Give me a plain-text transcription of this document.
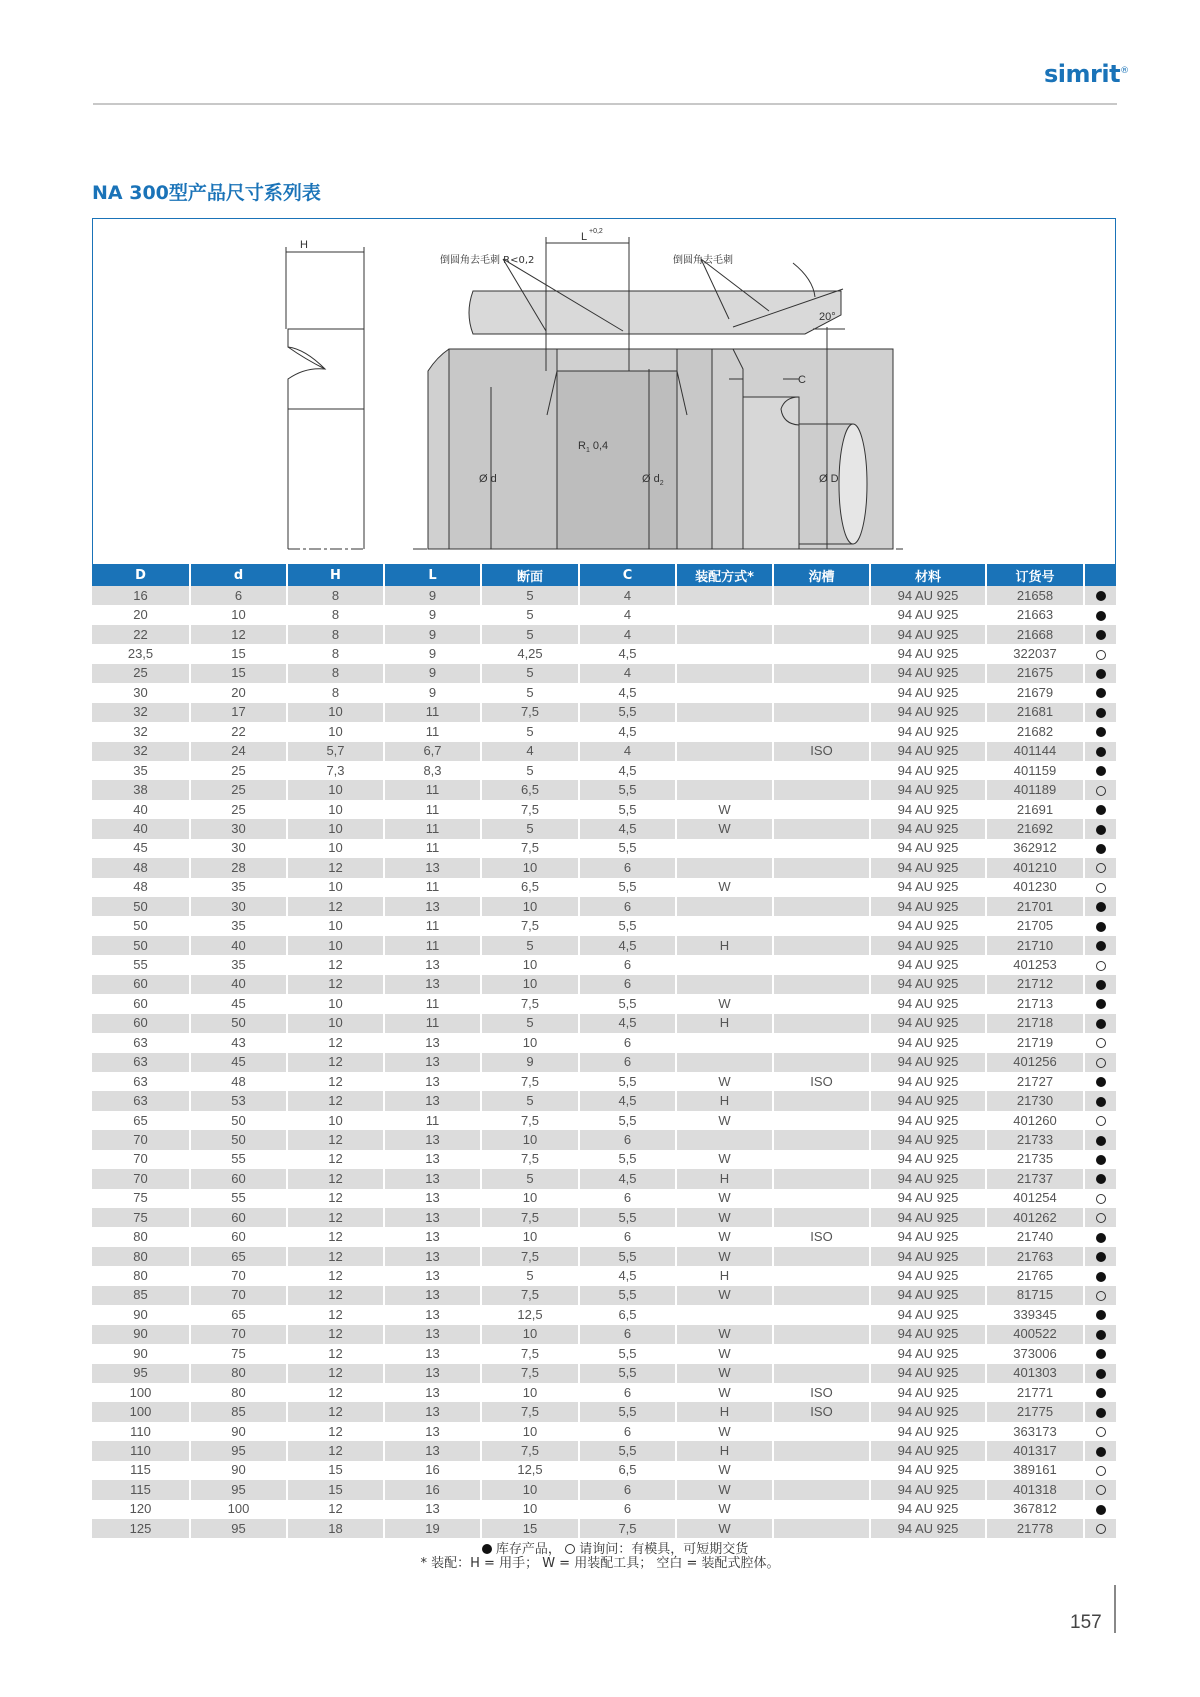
simrit®
NA 300型产品尺寸系列表
H
L +0,2
倒圆角去毛刺 R<0,2	倒圆角去毛刺
20°
C
$R_1$ 0,4
Ø d	Ø $d_2$	Ø D
D	d	H	L	断面	C	装配方式*	沟槽	材料	订货号	
16	6	8	9	5	4			94 AU 925	21658	
20	10	8	9	5	4			94 AU 925	21663	
22	12	8	9	5	4			94 AU 925	21668	
23,5	15	8	9	4,25	4,5			94 AU 925	322037	
25	15	8	9	5	4			94 AU 925	21675	
30	20	8	9	5	4,5			94 AU 925	21679	
32	17	10	11	7,5	5,5			94 AU 925	21681	
32	22	10	11	5	4,5			94 AU 925	21682	
32	24	5,7	6,7	4	4		ISO	94 AU 925	401144	
35	25	7,3	8,3	5	4,5			94 AU 925	401159	
38	25	10	11	6,5	5,5			94 AU 925	401189	
40	25	10	11	7,5	5,5	W		94 AU 925	21691	
40	30	10	11	5	4,5	W		94 AU 925	21692	
45	30	10	11	7,5	5,5			94 AU 925	362912	
48	28	12	13	10	6			94 AU 925	401210	
48	35	10	11	6,5	5,5	W		94 AU 925	401230	
50	30	12	13	10	6			94 AU 925	21701	
50	35	10	11	7,5	5,5			94 AU 925	21705	
50	40	10	11	5	4,5	H		94 AU 925	21710	
55	35	12	13	10	6			94 AU 925	401253	
60	40	12	13	10	6			94 AU 925	21712	
60	45	10	11	7,5	5,5	W		94 AU 925	21713	
60	50	10	11	5	4,5	H		94 AU 925	21718	
63	43	12	13	10	6			94 AU 925	21719	
63	45	12	13	9	6			94 AU 925	401256	
63	48	12	13	7,5	5,5	W	ISO	94 AU 925	21727	
63	53	12	13	5	4,5	H		94 AU 925	21730	
65	50	10	11	7,5	5,5	W		94 AU 925	401260	
70	50	12	13	10	6			94 AU 925	21733	
70	55	12	13	7,5	5,5	W		94 AU 925	21735	
70	60	12	13	5	4,5	H		94 AU 925	21737	
75	55	12	13	10	6	W		94 AU 925	401254	
75	60	12	13	7,5	5,5	W		94 AU 925	401262	
80	60	12	13	10	6	W	ISO	94 AU 925	21740	
80	65	12	13	7,5	5,5	W		94 AU 925	21763	
80	70	12	13	5	4,5	H		94 AU 925	21765	
85	70	12	13	7,5	5,5	W		94 AU 925	81715	
90	65	12	13	12,5	6,5			94 AU 925	339345	
90	70	12	13	10	6	W		94 AU 925	400522	
90	75	12	13	7,5	5,5	W		94 AU 925	373006	
95	80	12	13	7,5	5,5	W		94 AU 925	401303	
100	80	12	13	10	6	W	ISO	94 AU 925	21771	
100	85	12	13	7,5	5,5	H	ISO	94 AU 925	21775	
110	90	12	13	10	6	W		94 AU 925	363173	
110	95	12	13	7,5	5,5	H		94 AU 925	401317	
115	90	15	16	12,5	6,5	W		94 AU 925	389161	
115	95	15	16	10	6	W		94 AU 925	401318	
120	100	12	13	10	6	W		94 AU 925	367812	
125	95	18	19	15	7,5	W		94 AU 925	21778	
库存产品， 请询问：有模具，可短期交货
* 装配：H = 用手； W = 用装配工具； 空白 = 装配式腔体。
157
